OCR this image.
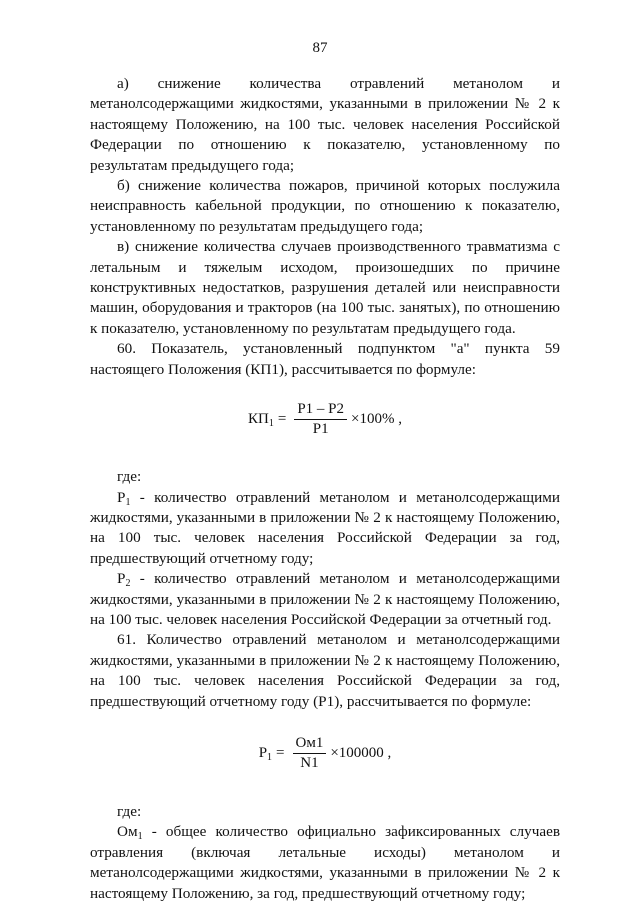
87

а) снижение количества отравлений метанолом и метанолсодержащими жидкостями, указанными в приложении № 2 к настоящему Положению, на 100 тыс. человек населения Российской Федерации по отношению к показателю, установленному по результатам предыдущего года;

б) снижение количества пожаров, причиной которых послужила неисправность кабельной продукции, по отношению к показателю, установленному по результатам предыдущего года;

в) снижение количества случаев производственного травматизма с летальным и тяжелым исходом, произошедших по причине конструктивных недостатков, разрушения деталей или неисправности машин, оборудования и тракторов (на 100 тыс. занятых), по отношению к показателю, установленному по результатам предыдущего года.

60. Показатель, установленный подпунктом "а" пункта 59 настоящего Положения (КП1), рассчитывается по формуле:

$КП_1 = \frac{Р1 - Р2}{Р1} \times 100\%$ ,

где:

$Р_1$ - количество отравлений метанолом и метанолсодержащими жидкостями, указанными в приложении № 2 к настоящему Положению, на 100 тыс. человек населения Российской Федерации за год, предшествующий отчетному году;

$Р_2$ - количество отравлений метанолом и метанолсодержащими жидкостями, указанными в приложении № 2 к настоящему Положению, на 100 тыс. человек населения Российской Федерации за отчетный год.

61. Количество отравлений метанолом и метанолсодержащими жидкостями, указанными в приложении № 2 к настоящему Положению, на 100 тыс. человек населения Российской Федерации за год, предшествующий отчетному году (Р1), рассчитывается по формуле:

$Р_1 = \frac{Ом1}{N1} \times 100000$ ,

где:

$Ом_1$ - общее количество официально зафиксированных случаев отравления (включая летальные исходы) метанолом и метанолсодержащими жидкостями, указанными в приложении № 2 к настоящему Положению, за год, предшествующий отчетному году;
